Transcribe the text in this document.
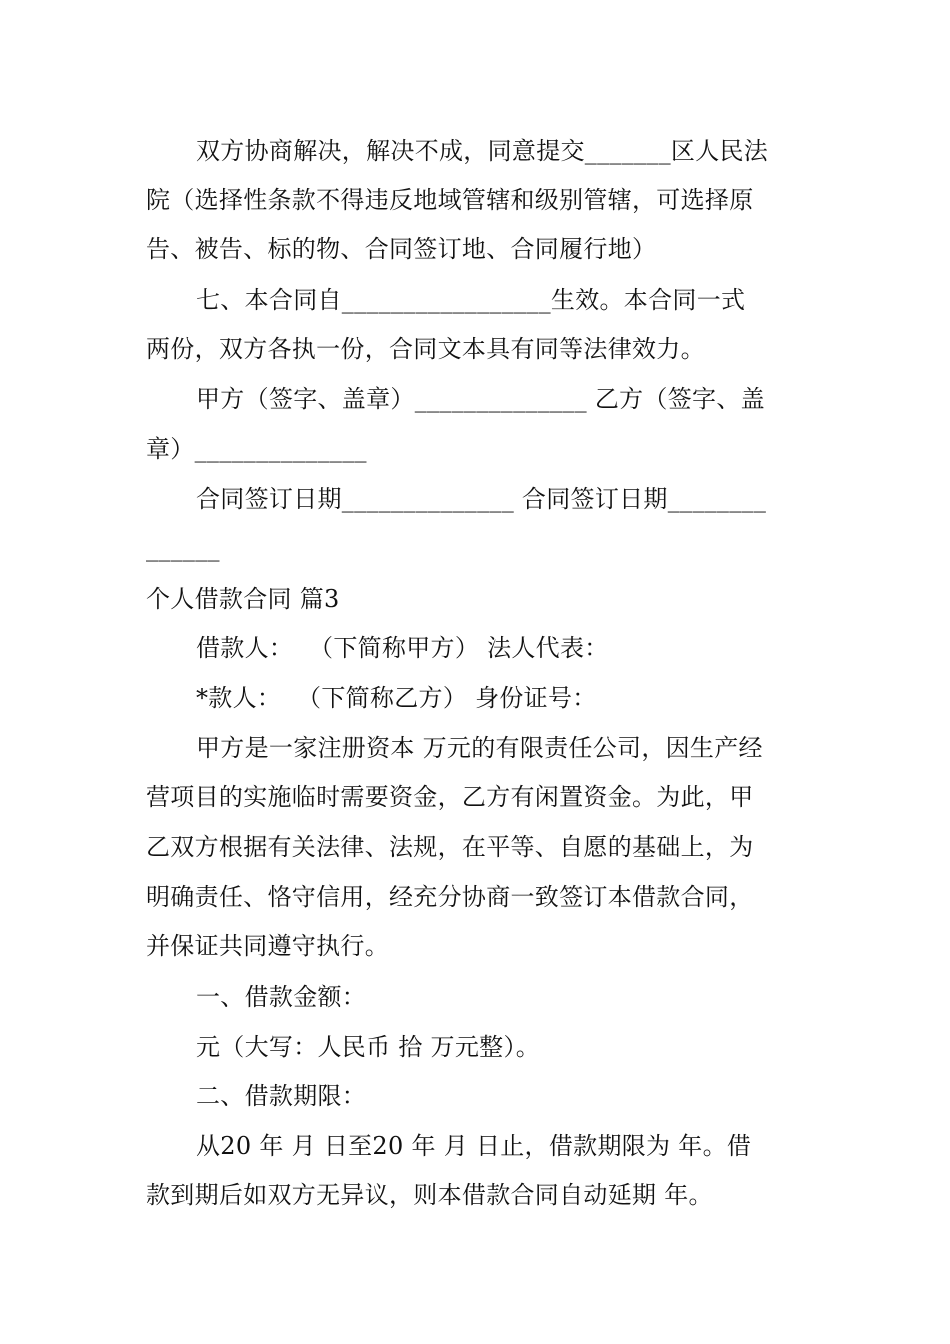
双方协商解决，解决不成，同意提交_______区人民法
院（选择性条款不得违反地域管辖和级别管辖，可选择原
告、被告、标的物、合同签订地、合同履行地）
七、本合同自_________________生效。本合同一式
两份，双方各执一份，合同文本具有同等法律效力。
甲方（签字、盖章）______________ 乙方（签字、盖
章）______________
合同签订日期______________ 合同签订日期________
______
个人借款合同 篇3
借款人：  （下简称甲方） 法人代表：
*款人：  （下简称乙方） 身份证号：
甲方是一家注册资本 万元的有限责任公司，因生产经
营项目的实施临时需要资金，乙方有闲置资金。为此，甲
乙双方根据有关法律、法规，在平等、自愿的基础上，为
明确责任、恪守信用，经充分协商一致签订本借款合同，
并保证共同遵守执行。
一、借款金额：
元（大写：人民币 拾 万元整）。
二、借款期限：
从20 年 月 日至20 年 月 日止，借款期限为 年。借
款到期后如双方无异议，则本借款合同自动延期 年。
